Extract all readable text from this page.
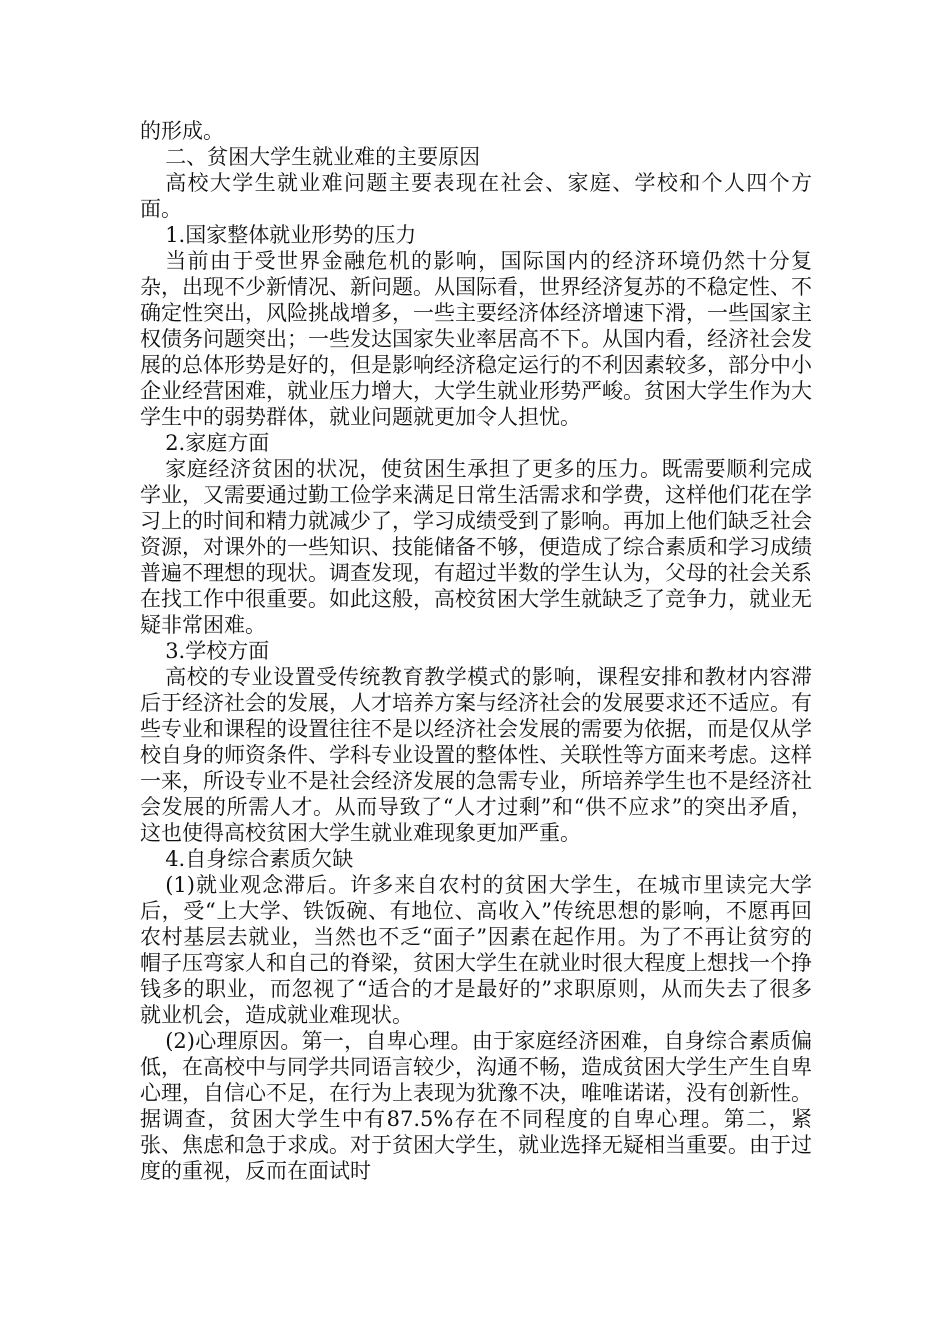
的形成。

二、贫困大学生就业难的主要原因

高校大学生就业难问题主要表现在社会、家庭、学校和个人四个方面。

1.国家整体就业形势的压力

当前由于受世界金融危机的影响，国际国内的经济环境仍然十分复杂，出现不少新情况、新问题。从国际看，世界经济复苏的不稳定性、不确定性突出，风险挑战增多，一些主要经济体经济增速下滑，一些国家主权债务问题突出；一些发达国家失业率居高不下。从国内看，经济社会发展的总体形势是好的，但是影响经济稳定运行的不利因素较多，部分中小企业经营困难，就业压力增大，大学生就业形势严峻。贫困大学生作为大学生中的弱势群体，就业问题就更加令人担忧。

2.家庭方面

家庭经济贫困的状况，使贫困生承担了更多的压力。既需要顺利完成学业，又需要通过勤工俭学来满足日常生活需求和学费，这样他们花在学习上的时间和精力就减少了，学习成绩受到了影响。再加上他们缺乏社会资源，对课外的一些知识、技能储备不够，便造成了综合素质和学习成绩普遍不理想的现状。调查发现，有超过半数的学生认为，父母的社会关系在找工作中很重要。如此这般，高校贫困大学生就缺乏了竞争力，就业无疑非常困难。

3.学校方面

高校的专业设置受传统教育教学模式的影响，课程安排和教材内容滞后于经济社会的发展，人才培养方案与经济社会的发展要求还不适应。有些专业和课程的设置往往不是以经济社会发展的需要为依据，而是仅从学校自身的师资条件、学科专业设置的整体性、关联性等方面来考虑。这样一来，所设专业不是社会经济发展的急需专业，所培养学生也不是经济社会发展的所需人才。从而导致了“人才过剩”和“供不应求”的突出矛盾，这也使得高校贫困大学生就业难现象更加严重。

4.自身综合素质欠缺

(1)就业观念滞后。许多来自农村的贫困大学生，在城市里读完大学后，受“上大学、铁饭碗、有地位、高收入”传统思想的影响，不愿再回农村基层去就业，当然也不乏“面子”因素在起作用。为了不再让贫穷的帽子压弯家人和自己的脊梁，贫困大学生在就业时很大程度上想找一个挣钱多的职业，而忽视了“适合的才是最好的”求职原则，从而失去了很多就业机会，造成就业难现状。

(2)心理原因。第一，自卑心理。由于家庭经济困难，自身综合素质偏低，在高校中与同学共同语言较少，沟通不畅，造成贫困大学生产生自卑心理，自信心不足，在行为上表现为犹豫不决，唯唯诺诺，没有创新性。据调查，贫困大学生中有87.5%存在不同程度的自卑心理。第二，紧张、焦虑和急于求成。对于贫困大学生，就业选择无疑相当重要。由于过度的重视，反而在面试时
